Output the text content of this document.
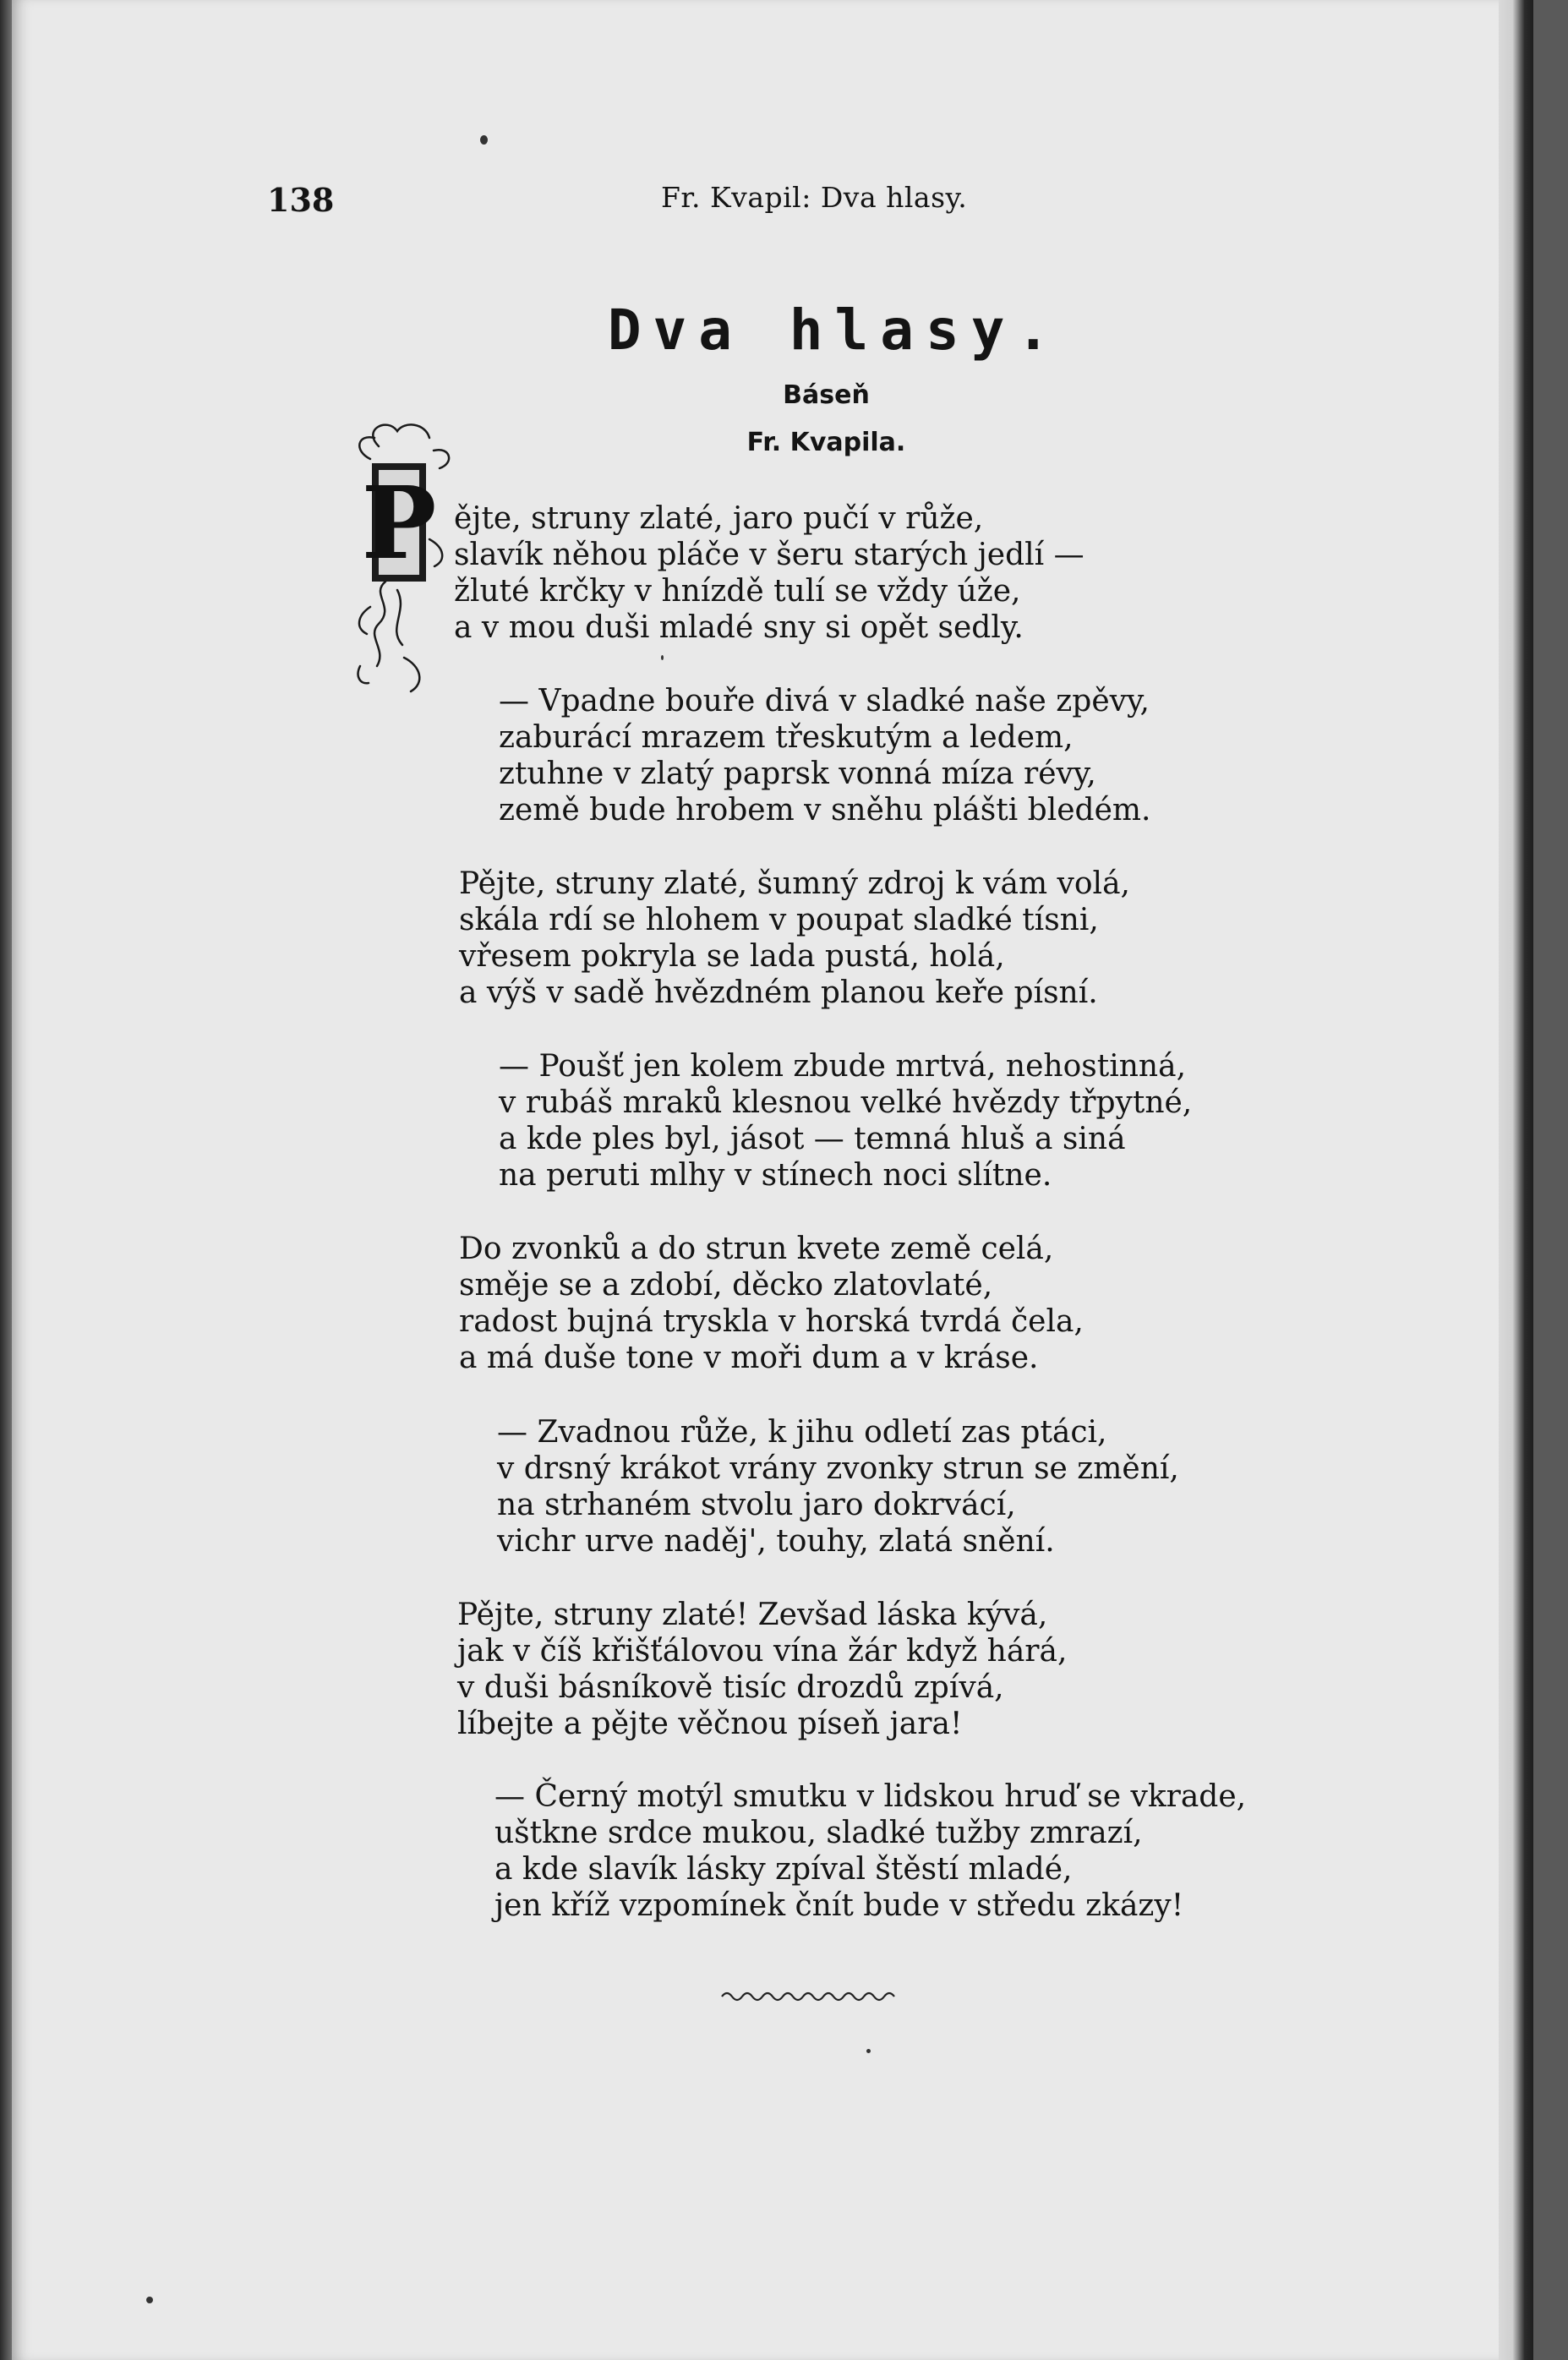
138	Fr. Kvapil: Dva hlasy.
Dva hlasy.
Báseň
Fr. Kvapila.
P ějte, struny zlaté, jaro pučí v růže,
slavík něhou pláče v šeru starých jedlí —
žluté krčky v hnízdě tulí se vždy úže,
a v mou duši mladé sny si opět sedly.
— Vpadne bouře divá v sladké naše zpěvy,
zaburácí mrazem třeskutým a ledem,
ztuhne v zlatý paprsk vonná míza révy,
země bude hrobem v sněhu plášti bledém.
Pějte, struny zlaté, šumný zdroj k vám volá,
skála rdí se hlohem v poupat sladké tísni,
vřesem pokryla se lada pustá, holá,
a výš v sadě hvězdném planou keře písní.
— Poušť jen kolem zbude mrtvá, nehostinná,
v rubáš mraků klesnou velké hvězdy třpytné,
a kde ples byl, jásot — temná hluš a siná
na peruti mlhy v stínech noci slítne.
Do zvonků a do strun kvete země celá,
směje se a zdobí, děcko zlatovlaté,
radost bujná tryskla v horská tvrdá čela,
a má duše tone v moři dum a v kráse.
— Zvadnou růže, k jihu odletí zas ptáci,
v drsný krákot vrány zvonky strun se změní,
na strhaném stvolu jaro dokrvácí,
vichr urve naděj', touhy, zlatá snění.
Pějte, struny zlaté! Zevšad láska kývá,
jak v číš křišťálovou vína žár když hárá,
v duši básníkově tisíc drozdů zpívá,
líbejte a pějte věčnou píseň jara!
— Černý motýl smutku v lidskou hruď se vkrade,
uštkne srdce mukou, sladké tužby zmrazí,
a kde slavík lásky zpíval štěstí mladé,
jen kříž vzpomínek čnít bude v středu zkázy!
